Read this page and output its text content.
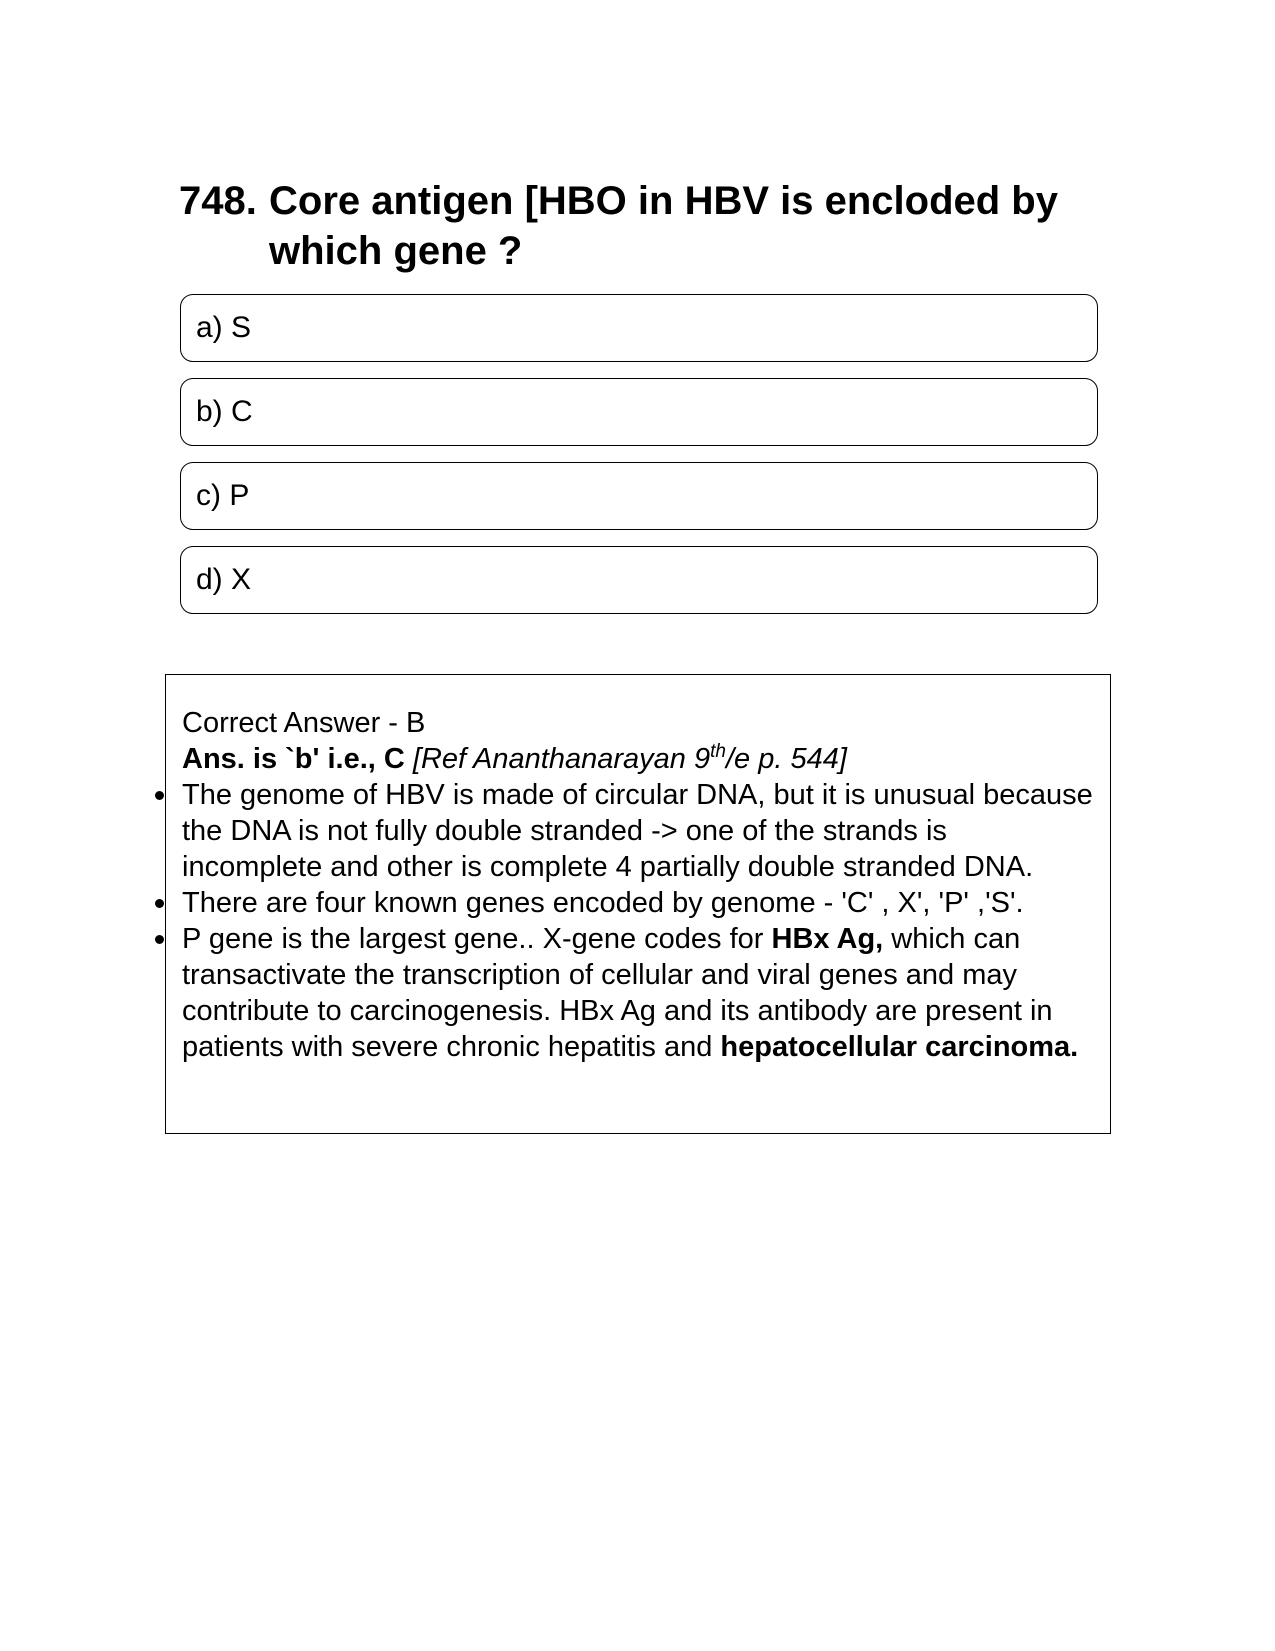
748. Core antigen [HBO in HBV is encloded by which gene ?
a) S
b) C
c) P
d) X

Correct Answer - B

Ans. is `b' i.e., C [Ref Ananthanarayan 9th/e p. 544]

The genome of HBV is made of circular DNA, but it is unusual because the DNA is not fully double stranded -> one of the strands is incomplete and other is complete 4 partially double stranded DNA.
There are four known genes encoded by genome - 'C' , X', 'P' ,'S'.
P gene is the largest gene.. X-gene codes for HBx Ag, which can transactivate the transcription of cellular and viral genes and may contribute to carcinogenesis. HBx Ag and its antibody are present in patients with severe chronic hepatitis and hepatocellular carcinoma.
